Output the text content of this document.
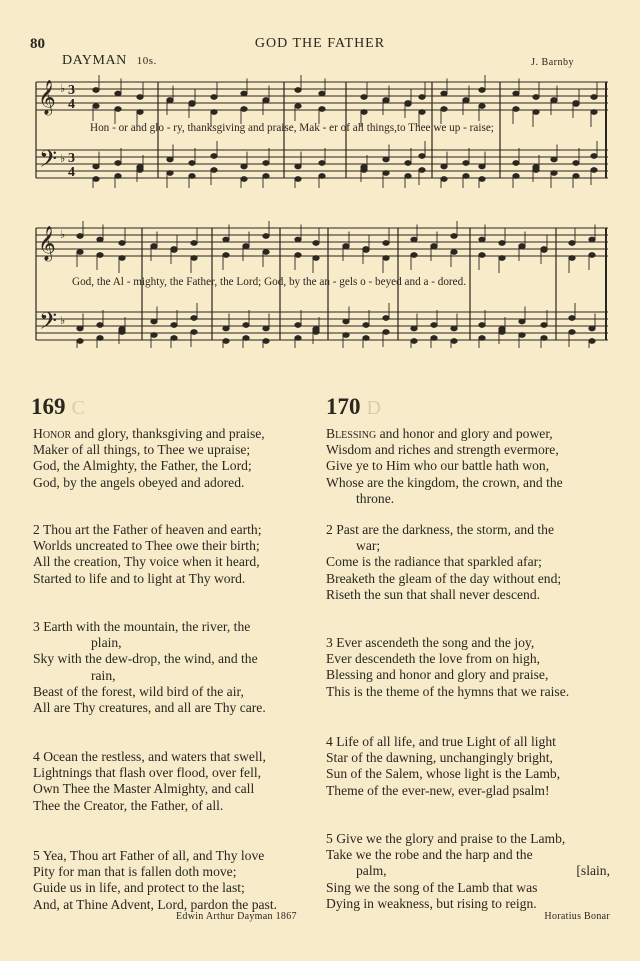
80	GOD THE FATHER
DAYMAN 10s.	J. Barnby
𝄞
𝄢
♭
♭
3
4
3
4
Hon - or and glo - ry, thanksgiving and praise, Mak - er of all things,to Thee we up - raise;
𝄞
𝄢
♭
♭
God, the Al - mighty, the Father, the Lord; God, by the an - gels o - beyed and a - dored.
169 C
Honor and glory, thanksgiving and praise,
Maker of all things, to Thee we upraise;
God, the Almighty, the Father, the Lord;
God, by the angels obeyed and adored.
2 Thou art the Father of heaven and earth;
Worlds uncreated to Thee owe their birth;
All the creation, Thy voice when it heard,
Started to life and to light at Thy word.
3 Earth with the mountain, the river, the
plain,
Sky with the dew-drop, the wind, and the
rain,
Beast of the forest, wild bird of the air,
All are Thy creatures, and all are Thy care.
4 Ocean the restless, and waters that swell,
Lightnings that flash over flood, over fell,
Own Thee the Master Almighty, and call
Thee the Creator, the Father, of all.
5 Yea, Thou art Father of all, and Thy love
Pity for man that is fallen doth move;
Guide us in life, and protect to the last;
And, at Thine Advent, Lord, pardon the past.
Edwin Arthur Dayman 1867
170 D
Blessing and honor and glory and power,
Wisdom and riches and strength evermore,
Give ye to Him who our battle hath won,
Whose are the kingdom, the crown, and the
throne.
2 Past are the darkness, the storm, and the
war;
Come is the radiance that sparkled afar;
Breaketh the gleam of the day without end;
Riseth the sun that shall never descend.
3 Ever ascendeth the song and the joy,
Ever descendeth the love from on high,
Blessing and honor and glory and praise,
This is the theme of the hymns that we raise.
4 Life of all life, and true Light of all light
Star of the dawning, unchangingly bright,
Sun of the Salem, whose light is the Lamb,
Theme of the ever-new, ever-glad psalm!
5 Give we the glory and praise to the Lamb,
Take we the robe and the harp and the
palm,	[slain,
Sing we the song of the Lamb that was
Dying in weakness, but rising to reign.
Horatius Bonar
